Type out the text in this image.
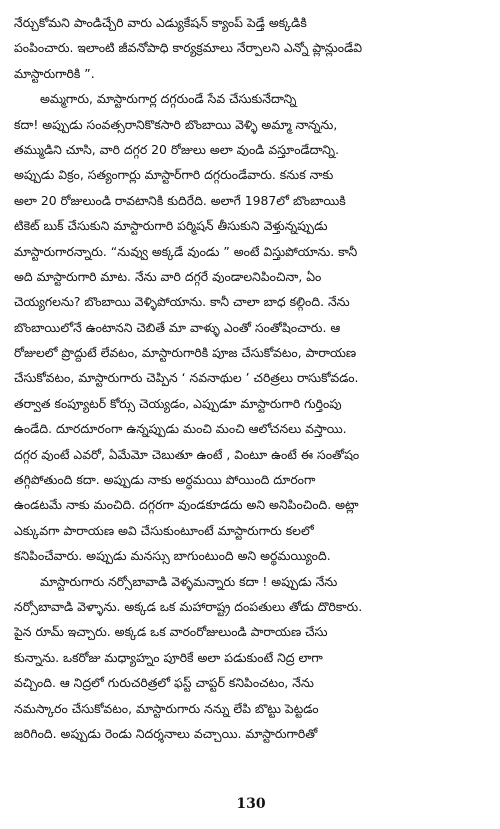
నేర్చుకోమని పాండిచ్చేరి వారు ఎడ్యుకేషన్ క్యాంప్ పెడ్తే అక్కడికి
పంపించారు. ఇలాంటి జీవనోపాధి కార్యక్రమాలు నేర్పాలని ఎన్నో ప్లాన్లుండేవి
మాస్టారుగారికి ”.
అమ్మగారు, మాస్టారుగార్ల దగ్గరుండే సేవ చేసుకునేదాన్ని
కదా! అప్పుడు సంవత్సరానికొకసారి బొంబాయి వెళ్ళి అమ్మా నాన్నను,
తమ్ముడిని చూసి, వారి దగ్గర 20 రోజులు అలా వుండి వస్తూండేదాన్ని.
అప్పుడు విక్రం, సత్యంగార్లు మాస్టార్‌గారి దగ్గరుండేవారు. కనుక నాకు
అలా 20 రోజులుండి రావటానికి కుదిరేది. అలాగే 1987లో బొంబాయికి
టికెట్ బుక్ చేసుకుని మాస్టారుగారి పర్మిషన్ తీసుకుని వెళ్తున్నప్పుడు
మాస్టారుగారన్నారు. “నువ్వు అక్కడే వుండు ” అంటే విస్తుపోయాను. కానీ
అది మాస్టారుగారి మాట. నేను వారి దగ్గరే వుండాలనిపించినా, ఏం
చెయ్యగలను? బొంబాయి వెళ్ళిపోయాను. కానీ చాలా బాధ కల్గింది. నేను
బొంబాయిలోనే ఉంటానని చెబితే మా వాళ్ళు ఎంతో సంతోషించారు. ఆ
రోజులలో ప్రొద్దుటే లేవటం, మాస్టారుగారికి పూజ చేసుకోవటం, పారాయణ
చేసుకోవటం, మాస్టారుగారు చెప్పిన ‘ నవనాథుల ’ చరిత్రలు రాసుకోవడం.
తర్వాత కంప్యూటర్ కోర్సు చెయ్యడం, ఎప్పుడూ మాస్టారుగారి గుర్తింపు
ఉండేది. దూరదూరంగా ఉన్నప్పుడు మంచి మంచి ఆలోచనలు వస్తాయి.
దగ్గర వుంటే ఎవరో, ఏమేమో చెబుతూ ఉంటే , వింటూ ఉంటే ఈ సంతోషం
తగ్గిపోతుంది కదా. అప్పుడు నాకు అర్ధమయి పోయింది దూరంగా
ఉండటమే నాకు మంచిది. దగ్గరగా వుండకూడదు అని అనిపించింది. అట్లా
ఎక్కువగా పారాయణ అవి చేసుకుంటూంటే మాస్టారుగారు కలలో
కనిపించేవారు. అప్పుడు మనస్సు బాగుంటుంది అని అర్థమయ్యింది.
మాస్టారుగారు నర్సోబావాడి వెళ్ళమన్నారు కదా ! అప్పుడు నేను
నర్సోబావాడి వెళ్ళాను. అక్కడ ఒక మహారాష్ట్ర దంపతులు తోడు దొరికారు.
పైన రూమ్ ఇచ్చారు. అక్కడ ఒక వారంరోజులుండి పారాయణ చేసు
కున్నాను. ఒకరోజు మధ్యాహ్నం పూరికే అలా పడుకుంటే నిద్ర లాగా
వచ్చింది. ఆ నిద్రలో గురుచరిత్రలో ఫస్ట్ చాప్టర్ కనిపించటం, నేను
నమస్కారం చేసుకోవటం, మాస్టారుగారు నన్ను లేపి బొట్టు పెట్టడం
జరిగింది. అప్పుడు రెండు నిదర్శనాలు వచ్చాయి. మాస్టారుగారితో
130
